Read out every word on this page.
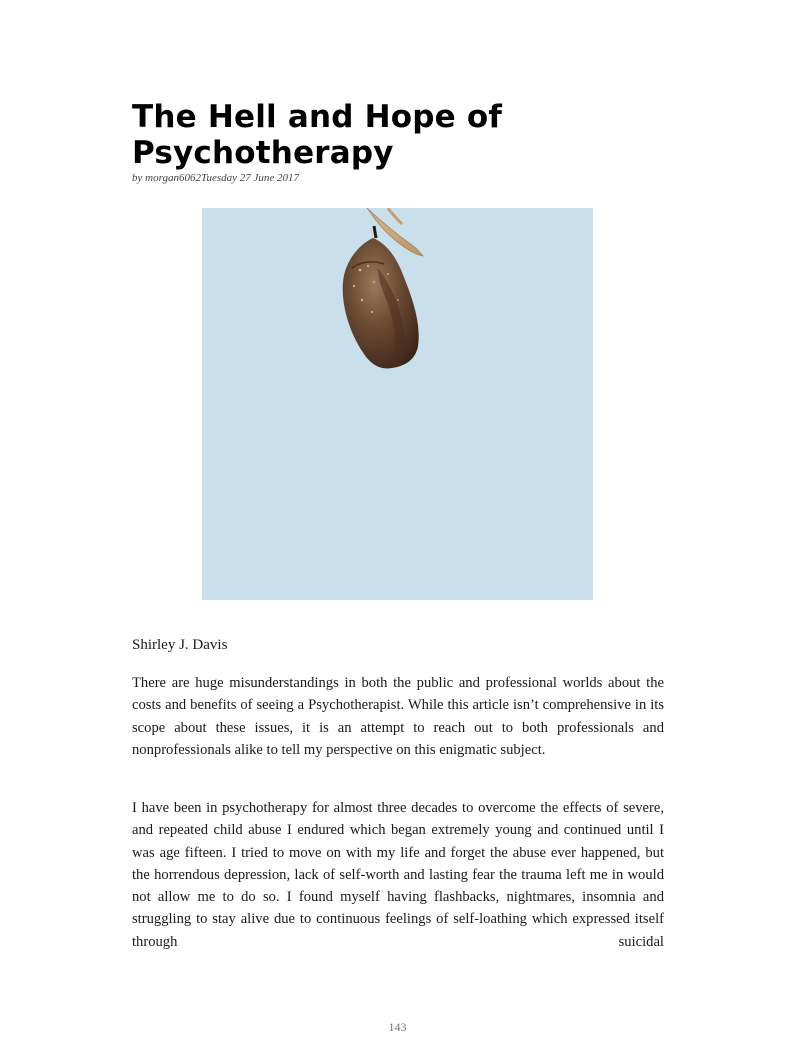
The Hell and Hope of Psychotherapy
by morgan6062Tuesday 27 June 2017
Shirley J. Davis

There are huge misunderstandings in both the public and professional worlds about the costs and benefits of seeing a Psychotherapist. While this article isn’t comprehensive in its scope about these issues, it is an attempt to reach out to both professionals and nonprofessionals alike to tell my perspective on this enigmatic subject.

I have been in psychotherapy for almost three decades to overcome the effects of severe, and repeated child abuse I endured which began extremely young and continued until I was age fifteen. I tried to move on with my life and forget the abuse ever happened, but the horrendous depression, lack of self-worth and lasting fear the trauma left me in would not allow me to do so. I found myself having flashbacks, nightmares, insomnia and struggling to stay alive due to continuous feelings of self-loathing which expressed itself through suicidal

143
